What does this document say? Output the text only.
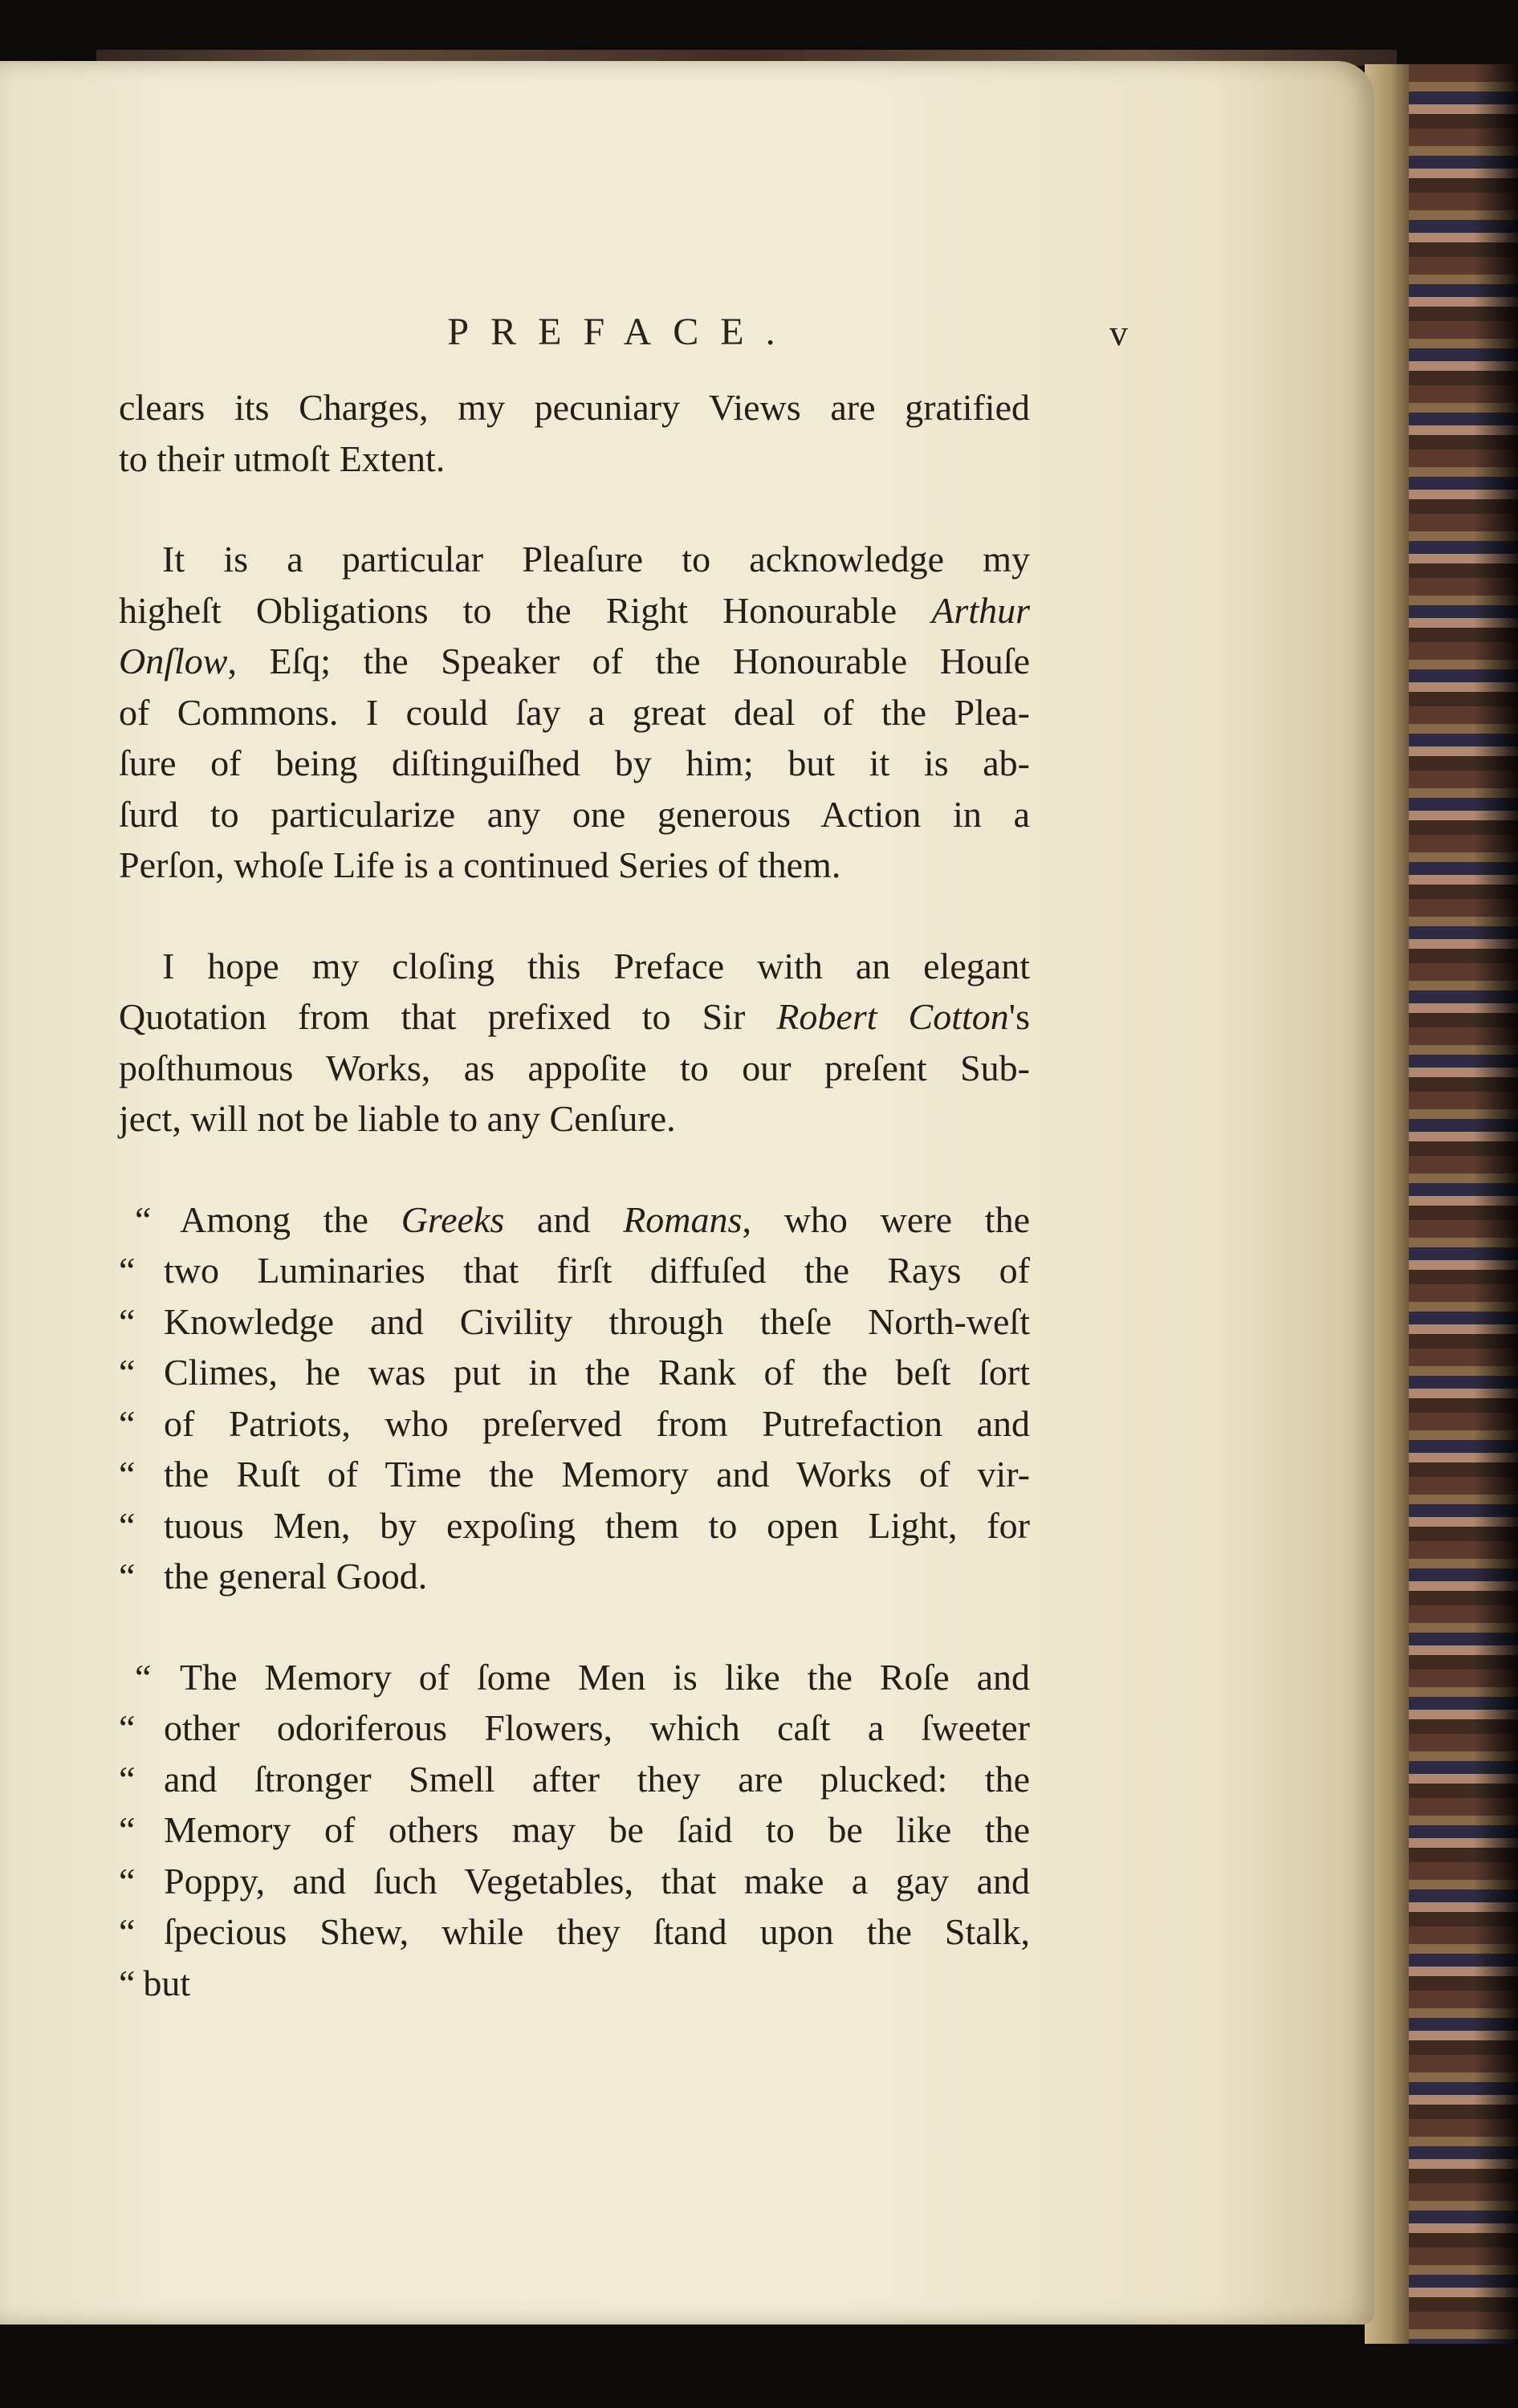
PREFACE.	v
clears its Charges, my pecuniary Views are gratified
to their utmoſt Extent.
It is a particular Pleaſure to acknowledge my
higheſt Obligations to the Right Honourable Arthur
Onſlow, Eſq; the Speaker of the Honourable Houſe
of Commons. I could ſay a great deal of the Plea-
ſure of being diſtinguiſhed by him; but it is ab-
ſurd to particularize any one generous Action in a
Perſon, whoſe Life is a continued Series of them.
I hope my cloſing this Preface with an elegant
Quotation from that prefixed to Sir Robert Cotton's
poſthumous Works, as appoſite to our preſent Sub-
ject, will not be liable to any Cenſure.
“ Among the Greeks and Romans, who were the
“ two Luminaries that firſt diffuſed the Rays of
“ Knowledge and Civility through theſe North-weſt
“ Climes, he was put in the Rank of the beſt ſort
“ of Patriots, who preſerved from Putrefaction and
“ the Ruſt of Time the Memory and Works of vir-
“ tuous Men, by expoſing them to open Light, for
“ the general Good.
“ The Memory of ſome Men is like the Roſe and
“ other odoriferous Flowers, which caſt a ſweeter
“ and ſtronger Smell after they are plucked: the
“ Memory of others may be ſaid to be like the
“ Poppy, and ſuch Vegetables, that make a gay and
“ ſpecious Shew, while they ſtand upon the Stalk,
“ but
